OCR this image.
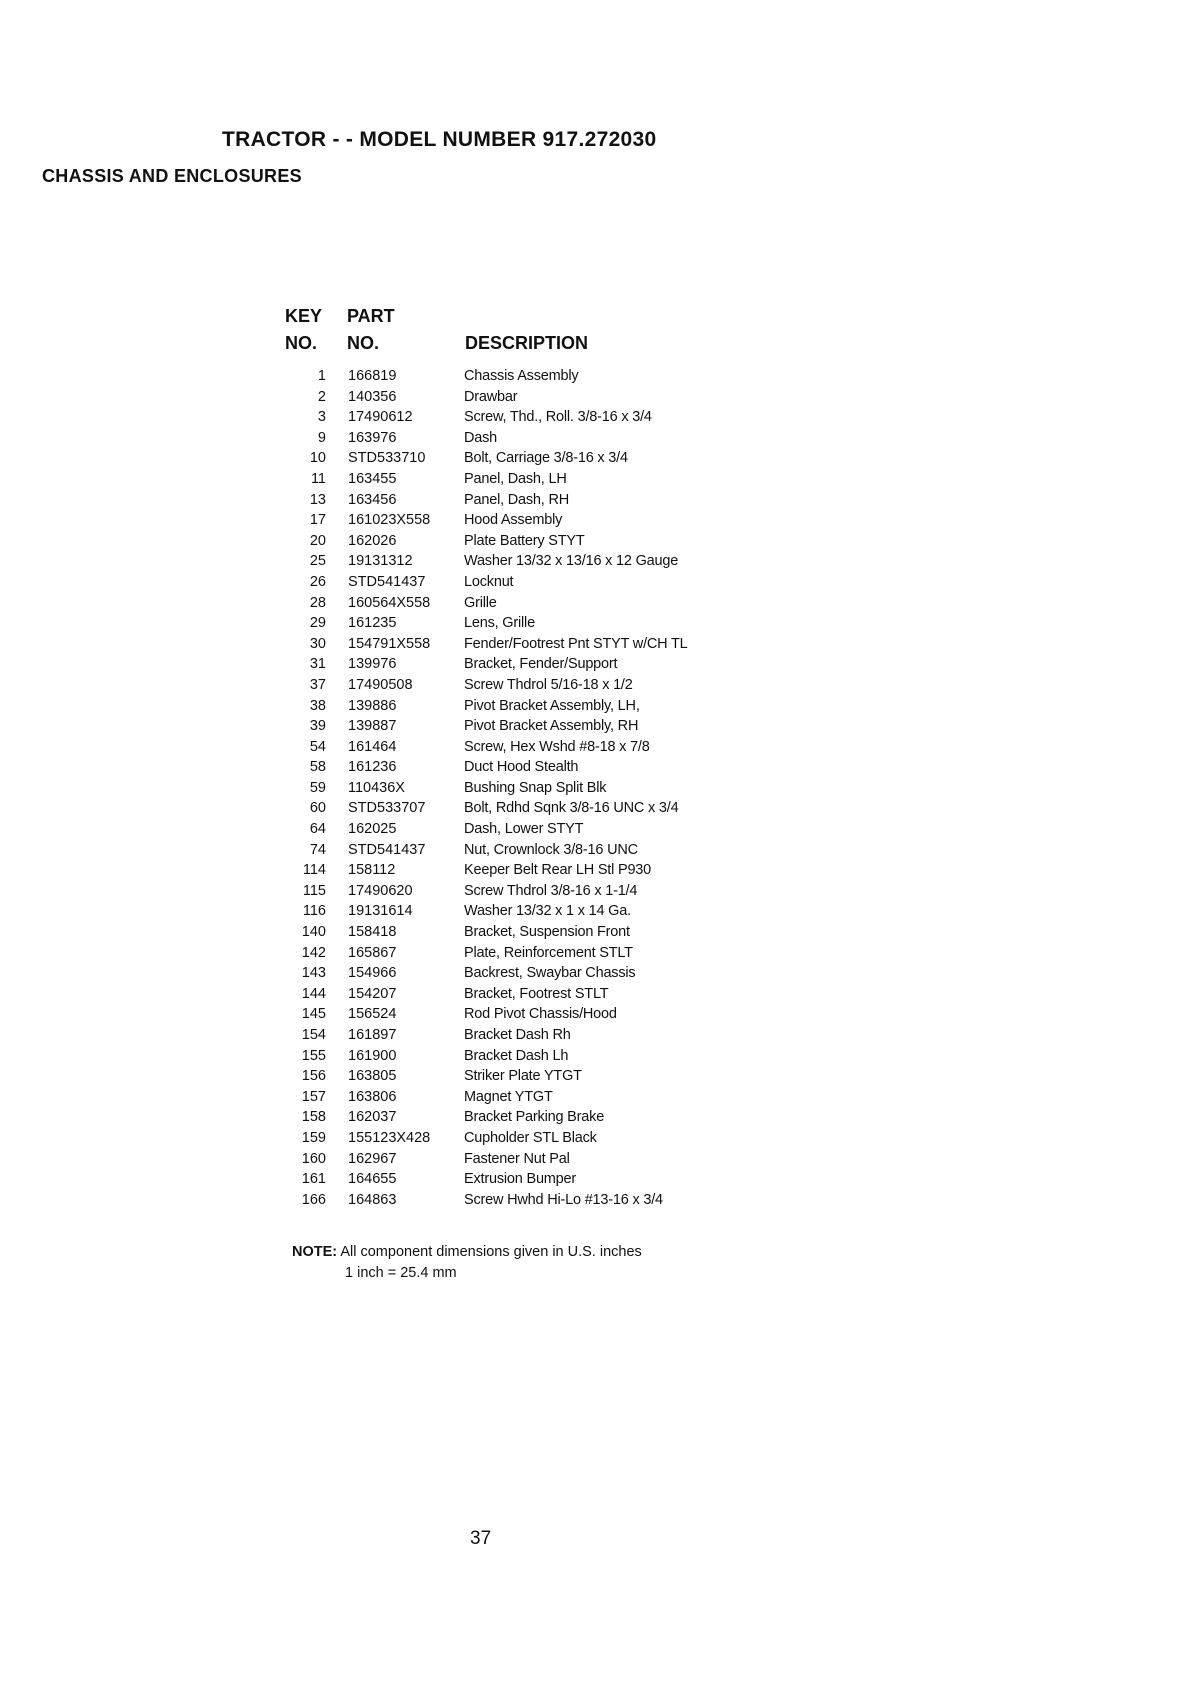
TRACTOR - - MODEL NUMBER 917.272030
CHASSIS AND ENCLOSURES
KEY PART
NO. NO.	DESCRIPTION
1 166819	Chassis Assembly
2 140356	Drawbar
3 17490612	Screw, Thd., Roll. 3/8-16 x 3/4
9 163976	Dash
10 STD533710	Bolt, Carriage 3/8-16 x 3/4
11 163455	Panel, Dash, LH
13 163456	Panel, Dash, RH
17 161023X558 Hood Assembly
20 162026	Plate Battery STYT
25 19131312	Washer 13/32 x 13/16 x 12 Gauge
26 STD541437	Locknut
28 160564X558 Grille
29 161235	Lens, Grille
30 154791X558 Fender/Footrest Pnt STYT w/CH TL
31 139976	Bracket, Fender/Support
37 17490508	Screw Thdrol 5/16-18 x 1/2
38 139886	Pivot Bracket Assembly, LH,
39 139887	Pivot Bracket Assembly, RH
54 161464	Screw, Hex Wshd #8-18 x 7/8
58 161236	Duct Hood Stealth
59 110436X	Bushing Snap Split Blk
60 STD533707	Bolt, Rdhd Sqnk 3/8-16 UNC x 3/4
64 162025	Dash, Lower STYT
74 STD541437	Nut, Crownlock 3/8-16 UNC
114 158112	Keeper Belt Rear LH Stl P930
115 17490620	Screw Thdrol 3/8-16 x 1-1/4
116 19131614	Washer 13/32 x 1 x 14 Ga.
140 158418	Bracket, Suspension Front
142 165867	Plate, Reinforcement STLT
143 154966	Backrest, Swaybar Chassis
144 154207	Bracket, Footrest STLT
145 156524	Rod Pivot Chassis/Hood
154 161897	Bracket Dash Rh
155 161900	Bracket Dash Lh
156 163805	Striker Plate YTGT
157 163806	Magnet YTGT
158 162037	Bracket Parking Brake
159 155123X428 Cupholder STL Black
160 162967	Fastener Nut Pal
161 164655	Extrusion Bumper
166 164863	Screw Hwhd Hi-Lo #13-16 x 3/4
NOTE: All component dimensions given in U.S. inches
1 inch = 25.4 mm
37
